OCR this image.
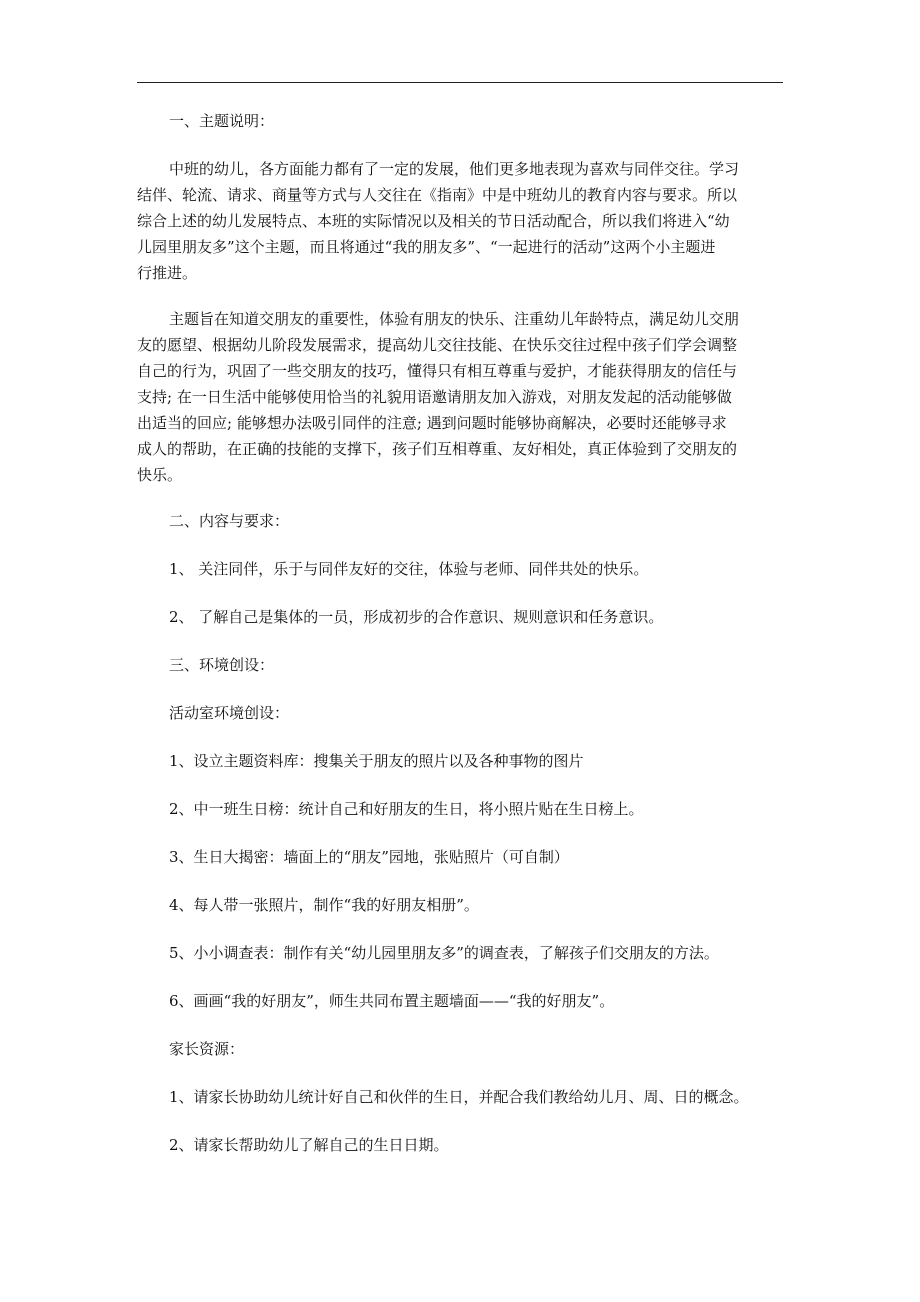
一、主题说明：
中班的幼儿，各方面能力都有了一定的发展，他们更多地表现为喜欢与同伴交往。学习
结伴、轮流、请求、商量等方式与人交往在《指南》中是中班幼儿的教育内容与要求。所以
综合上述的幼儿发展特点、本班的实际情况以及相关的节日活动配合，所以我们将进入“幼
儿园里朋友多”这个主题，而且将通过“我的朋友多”、“一起进行的活动”这两个小主题进
行推进。
主题旨在知道交朋友的重要性，体验有朋友的快乐、注重幼儿年龄特点，满足幼儿交朋
友的愿望、根据幼儿阶段发展需求，提高幼儿交往技能、在快乐交往过程中孩子们学会调整
自己的行为，巩固了一些交朋友的技巧，懂得只有相互尊重与爱护，才能获得朋友的信任与
支持; 在一日生活中能够使用恰当的礼貌用语邀请朋友加入游戏，对朋友发起的活动能够做
出适当的回应; 能够想办法吸引同伴的注意; 遇到问题时能够协商解决，必要时还能够寻求
成人的帮助，在正确的技能的支撑下，孩子们互相尊重、友好相处，真正体验到了交朋友的
快乐。
二、内容与要求：
1、 关注同伴，乐于与同伴友好的交往，体验与老师、同伴共处的快乐。
2、 了解自己是集体的一员，形成初步的合作意识、规则意识和任务意识。
三、环境创设：
活动室环境创设：
1、设立主题资料库：搜集关于朋友的照片以及各种事物的图片
2、中一班生日榜：统计自己和好朋友的生日，将小照片贴在生日榜上。
3、生日大揭密：墙面上的“朋友”园地，张贴照片（可自制）
4、每人带一张照片，制作“我的好朋友相册”。
5、小小调查表：制作有关“幼儿园里朋友多”的调查表，了解孩子们交朋友的方法。
6、画画“我的好朋友”，师生共同布置主题墙面——“我的好朋友”。
家长资源：
1、请家长协助幼儿统计好自己和伙伴的生日，并配合我们教给幼儿月、周、日的概念。
2、请家长帮助幼儿了解自己的生日日期。
